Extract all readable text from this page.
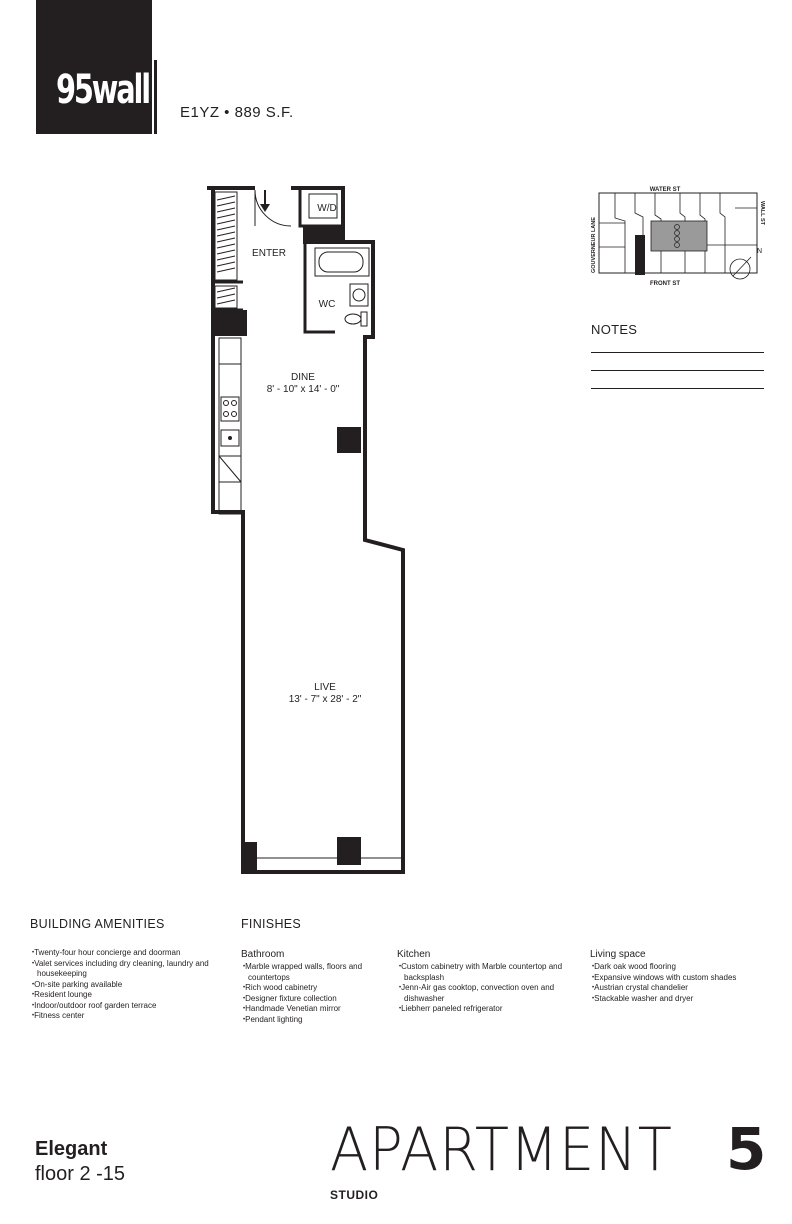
95wall E1YZ • 889 S.F.
W/D
ENTER
WC
DINE
8' - 10" x 14' - 0"
LIVE
13' - 7" x 28' - 2"
WATER ST
FRONT ST
GOUVERNEUR LANE
WALL ST
N
NOTES
BUILDING AMENITIES
• Twenty-four hour concierge and doorman
• Valet services including dry cleaning, laundry and housekeeping
• On-site parking available
• Resident lounge
• Indoor/outdoor roof garden terrace
• Fitness center
FINISHES
Bathroom
• Marble wrapped walls, floors and countertops
• Rich wood cabinetry
• Designer fixture collection
• Handmade Venetian mirror
• Pendant lighting
Kitchen
• Custom cabinetry with Marble countertop and backsplash
• Jenn-Air gas cooktop, convection oven and dishwasher
• Liebherr paneled refrigerator
Living space
• Dark oak wood flooring
• Expansive windows with custom shades
• Austrian crystal chandelier
• Stackable washer and dryer
Elegant
floor 2 -15	APARTMENT 5
STUDIO
